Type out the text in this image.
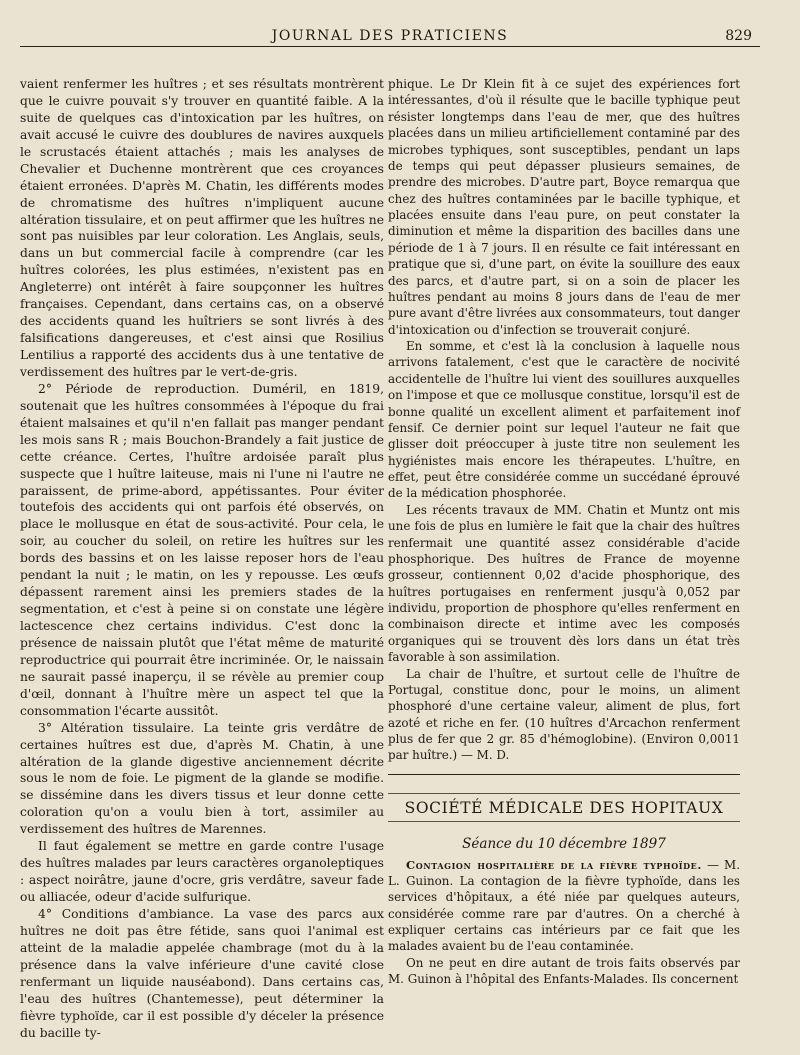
JOURNAL DES PRATICIENS	829

vaient renfermer les huîtres ; et ses résultats montrèrent que le cuivre pouvait s'y trouver en quantité faible. A la suite de quelques cas d'intoxication par les huîtres, on avait accusé le cuivre des doublures de navires auxquels le scrustacés étaient attachés ; mais les analyses de Chevalier et Duchenne montrèrent que ces croyances étaient erronées. D'après M. Chatin, les différents modes de chromatisme des huîtres n'impliquent aucune altération tissulaire, et on peut affirmer que les huîtres ne sont pas nuisibles par leur coloration. Les Anglais, seuls, dans un but commercial facile à comprendre (car les huîtres colorées, les plus estimées, n'existent pas en Angleterre) ont intérêt à faire soupçonner les huîtres françaises. Cependant, dans certains cas, on a observé des accidents quand les huîtriers se sont livrés à des falsifications dangereuses, et c'est ainsi que Rosilius Lentilius a rapporté des accidents dus à une tentative de verdissement des huîtres par le vert-de-gris.

2° Période de reproduction. Duméril, en 1819, soutenait que les huîtres consommées à l'époque du frai étaient malsaines et qu'il n'en fallait pas manger pendant les mois sans R ; mais Bouchon-Brandely a fait justice de cette créance. Certes, l'huître ardoisée paraît plus suspecte que l huître laiteuse, mais ni l'une ni l'autre ne paraissent, de prime-abord, appétissantes. Pour éviter toutefois des accidents qui ont parfois été observés, on place le mollusque en état de sous-activité. Pour cela, le soir, au coucher du soleil, on retire les huîtres sur les bords des bassins et on les laisse reposer hors de l'eau pendant la nuit ; le matin, on les y repousse. Les œufs dépassent rarement ainsi les premiers stades de la segmentation, et c'est à peine si on constate une légère lactescence chez certains individus. C'est donc la présence de naissain plutôt que l'état même de maturité reproductrice qui pourrait être incriminée. Or, le naissain ne saurait passé inaperçu, il se révèle au premier coup d'œil, donnant à l'huître mère un aspect tel que la consommation l'écarte aussitôt.

3° Altération tissulaire. La teinte gris verdâtre de certaines huîtres est due, d'après M. Chatin, à une altération de la glande digestive anciennement décrite sous le nom de foie. Le pigment de la glande se modifie. se dissémine dans les divers tissus et leur donne cette coloration qu'on a voulu bien à tort, assimiler au verdissement des huîtres de Marennes.

Il faut également se mettre en garde contre l'usage des huîtres malades par leurs caractères organoleptiques : aspect noirâtre, jaune d'ocre, gris verdâtre, saveur fade ou alliacée, odeur d'acide sulfurique.

4° Conditions d'ambiance. La vase des parcs aux huîtres ne doit pas être fétide, sans quoi l'animal est atteint de la maladie appelée chambrage (mot du à la présence dans la valve inférieure d'une cavité close renfermant un liquide nauséabond). Dans certains cas, l'eau des huîtres (Chantemesse), peut déterminer la fièvre typhoïde, car il est possible d'y déceler la présence du bacille ty-

phique. Le Dr Klein fit à ce sujet des expériences fort intéressantes, d'où il résulte que le bacille typhique peut résister longtemps dans l'eau de mer, que des huîtres placées dans un milieu artificiellement contaminé par des microbes typhiques, sont susceptibles, pendant un laps de temps qui peut dépasser plusieurs semaines, de prendre des microbes. D'autre part, Boyce remarqua que chez des huîtres contaminées par le bacille typhique, et placées ensuite dans l'eau pure, on peut constater la diminution et même la disparition des bacilles dans une période de 1 à 7 jours. Il en résulte ce fait intéressant en pratique que si, d'une part, on évite la souillure des eaux des parcs, et d'autre part, si on a soin de placer les huîtres pendant au moins 8 jours dans de l'eau de mer pure avant d'être livrées aux consommateurs, tout danger d'intoxication ou d'infection se trouverait conjuré.

En somme, et c'est là la conclusion à laquelle nous arrivons fatalement, c'est que le caractère de nocivité accidentelle de l'huître lui vient des souillures auxquelles on l'impose et que ce mollusque constitue, lorsqu'il est de bonne qualité un excellent aliment et parfaitement inof fensif. Ce dernier point sur lequel l'auteur ne fait que glisser doit préoccuper à juste titre non seulement les hygiénistes mais encore les thérapeutes. L'huître, en effet, peut être considérée comme un succédané éprouvé de la médication phosphorée.

Les récents travaux de MM. Chatin et Muntz ont mis une fois de plus en lumière le fait que la chair des huîtres renfermait une quantité assez considérable d'acide phosphorique. Des huîtres de France de moyenne grosseur, contiennent 0,02 d'acide phosphorique, des huîtres portugaises en renferment jusqu'à 0,052 par individu, proportion de phosphore qu'elles renferment en combinaison directe et intime avec les composés organiques qui se trouvent dès lors dans un état très favorable à son assimilation.

La chair de l'huître, et surtout celle de l'huître de Portugal, constitue donc, pour le moins, un aliment phosphoré d'une certaine valeur, aliment de plus, fort azoté et riche en fer. (10 huîtres d'Arcachon renferment plus de fer que 2 gr. 85 d'hémoglobine). (Environ 0,0011 par huître.) — M. D.

SOCIÉTÉ MÉDICALE DES HOPITAUX
Séance du 10 décembre 1897

Contagion hospitalière de la fièvre typhoïde. — M. L. Guinon. La contagion de la fièvre typhoïde, dans les services d'hôpitaux, a été niée par quelques auteurs, considérée comme rare par d'autres. On a cherché à expliquer certains cas intérieurs par ce fait que les malades avaient bu de l'eau contaminée.

On ne peut en dire autant de trois faits observés par M. Guinon à l'hôpital des Enfants-Malades. Ils concernent
